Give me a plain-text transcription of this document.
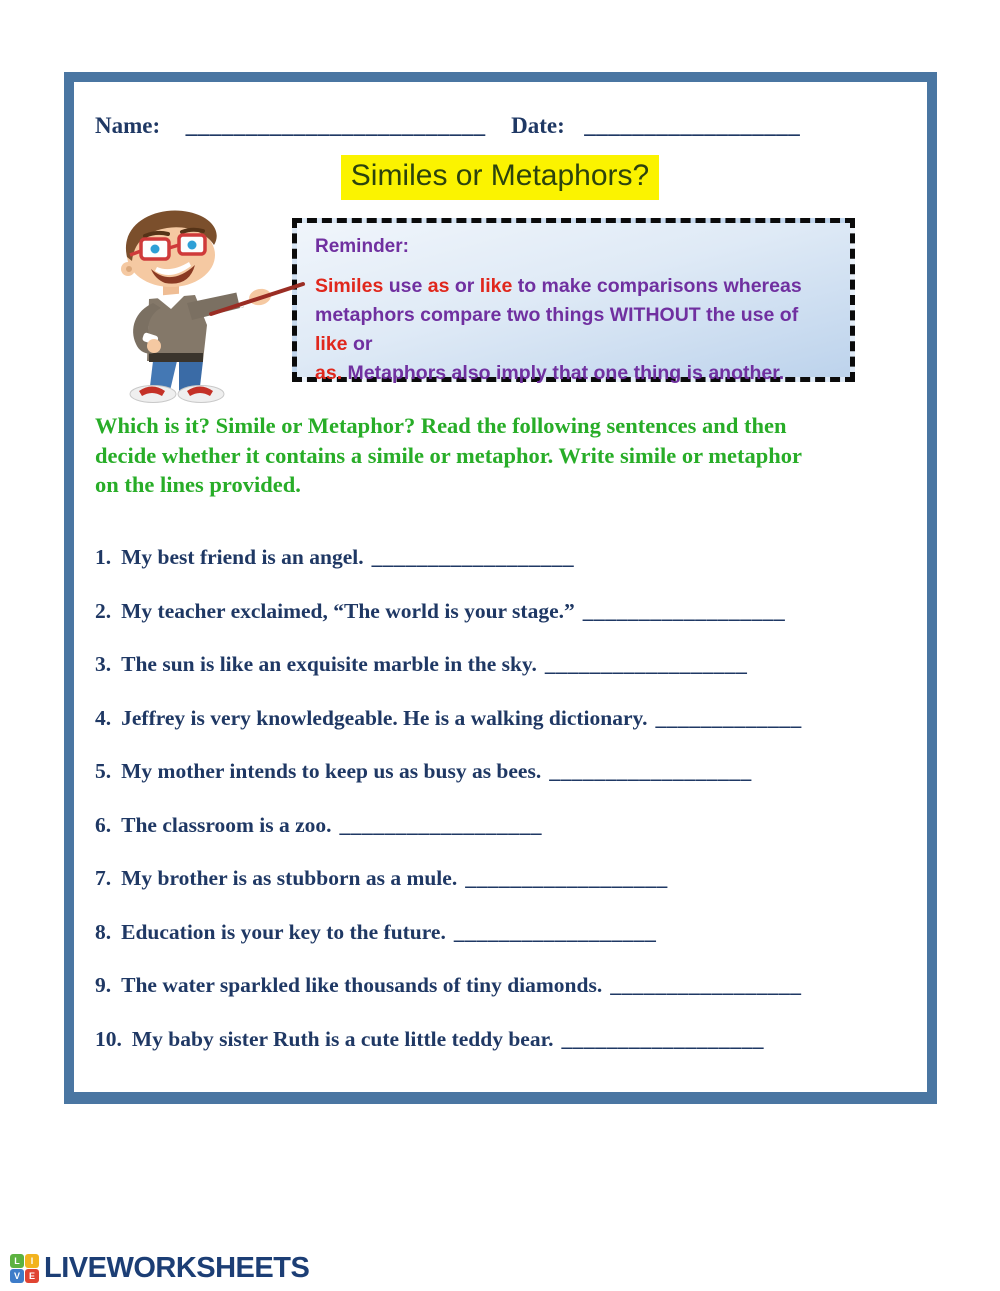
Name: _________________________ Date: __________________
Similes or Metaphors?
Reminder:
Similes use as or like to make comparisons whereas
metaphors compare two things WITHOUT the use of like or
as. Metaphors also imply that one thing is another.
Which is it? Simile or Metaphor? Read the following sentences and then
decide whether it contains a simile or metaphor. Write simile or metaphor
on the lines provided.
1. My best friend is an angel. __________________
2. My teacher exclaimed, “The world is your stage.” __________________
3. The sun is like an exquisite marble in the sky. __________________
4. Jeffrey is very knowledgeable. He is a walking dictionary. _____________
5. My mother intends to keep us as busy as bees. __________________
6. The classroom is a zoo. __________________
7. My brother is as stubborn as a mule. __________________
8. Education is your key to the future. __________________
9. The water sparkled like thousands of tiny diamonds. _________________
10. My baby sister Ruth is a cute little teddy bear. __________________
L	I
V E LIVEWORKSHEETS
